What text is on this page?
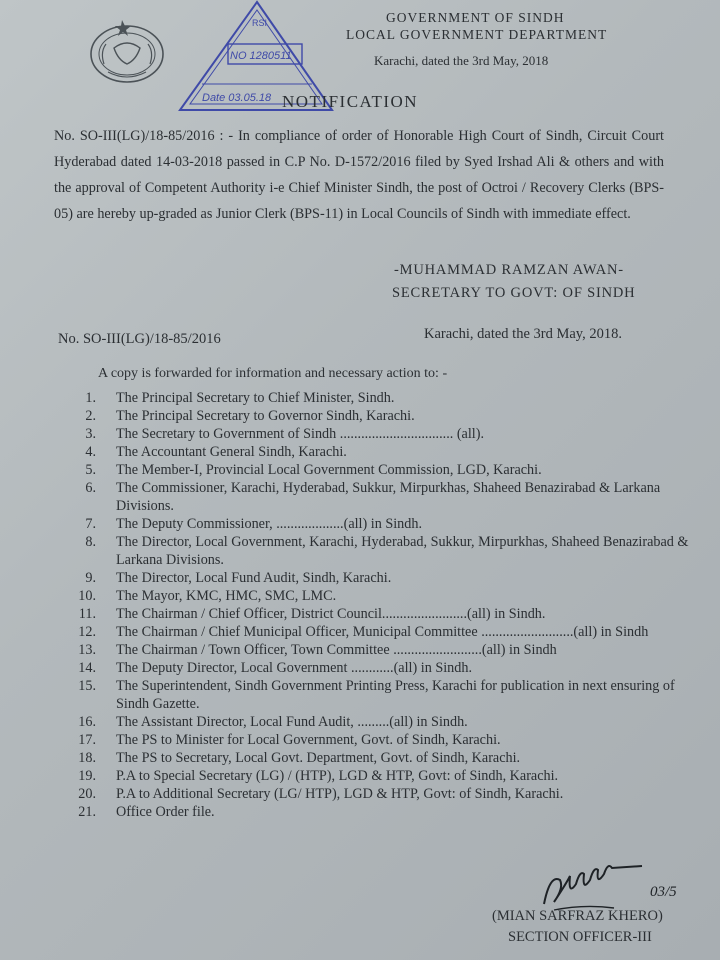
RSI
NO 1280511
Date 03.05.18
GOVERNMENT OF SINDH
LOCAL GOVERNMENT DEPARTMENT
Karachi, dated the 3rd May, 2018
NOTIFICATION
No. SO-III(LG)/18-85/2016 : - In compliance of order of Honorable High Court of Sindh, Circuit Court Hyderabad dated 14-03-2018 passed in C.P No. D-1572/2016 filed by Syed Irshad Ali & others and with the approval of Competent Authority i-e Chief Minister Sindh, the post of Octroi / Recovery Clerks (BPS-05) are hereby up-graded as Junior Clerk (BPS-11) in Local Councils of Sindh with immediate effect.
-MUHAMMAD RAMZAN AWAN-
SECRETARY TO GOVT: OF SINDH
No. SO-III(LG)/18-85/2016	Karachi, dated the 3rd May, 2018.
A copy is forwarded for information and necessary action to: -
1. The Principal Secretary to Chief Minister, Sindh.
2. The Principal Secretary to Governor Sindh, Karachi.
3. The Secretary to Government of Sindh ................................ (all).
4. The Accountant General Sindh, Karachi.
5. The Member-I, Provincial Local Government Commission, LGD, Karachi.
6. The Commissioner, Karachi, Hyderabad, Sukkur, Mirpurkhas, Shaheed Benazirabad & Larkana Divisions.
7. The Deputy Commissioner, ...................(all) in Sindh.
8. The Director, Local Government, Karachi, Hyderabad, Sukkur, Mirpurkhas, Shaheed Benazirabad & Larkana Divisions.
9. The Director, Local Fund Audit, Sindh, Karachi.
10. The Mayor, KMC, HMC, SMC, LMC.
11. The Chairman / Chief Officer, District Council........................(all) in Sindh.
12. The Chairman / Chief Municipal Officer, Municipal Committee ..........................(all) in Sindh
13. The Chairman / Town Officer, Town Committee .........................(all) in Sindh
14. The Deputy Director, Local Government ............(all) in Sindh.
15. The Superintendent, Sindh Government Printing Press, Karachi for publication in next ensuring of Sindh Gazette.
16. The Assistant Director, Local Fund Audit, .........(all) in Sindh.
17. The PS to Minister for Local Government, Govt. of Sindh, Karachi.
18. The PS to Secretary, Local Govt. Department, Govt. of Sindh, Karachi.
19. P.A to Special Secretary (LG) / (HTP), LGD & HTP, Govt: of Sindh, Karachi.
20. P.A to Additional Secretary (LG/ HTP), LGD & HTP, Govt: of Sindh, Karachi.
21. Office Order file.
03/5
(MIAN SARFRAZ KHERO)
SECTION OFFICER-III
